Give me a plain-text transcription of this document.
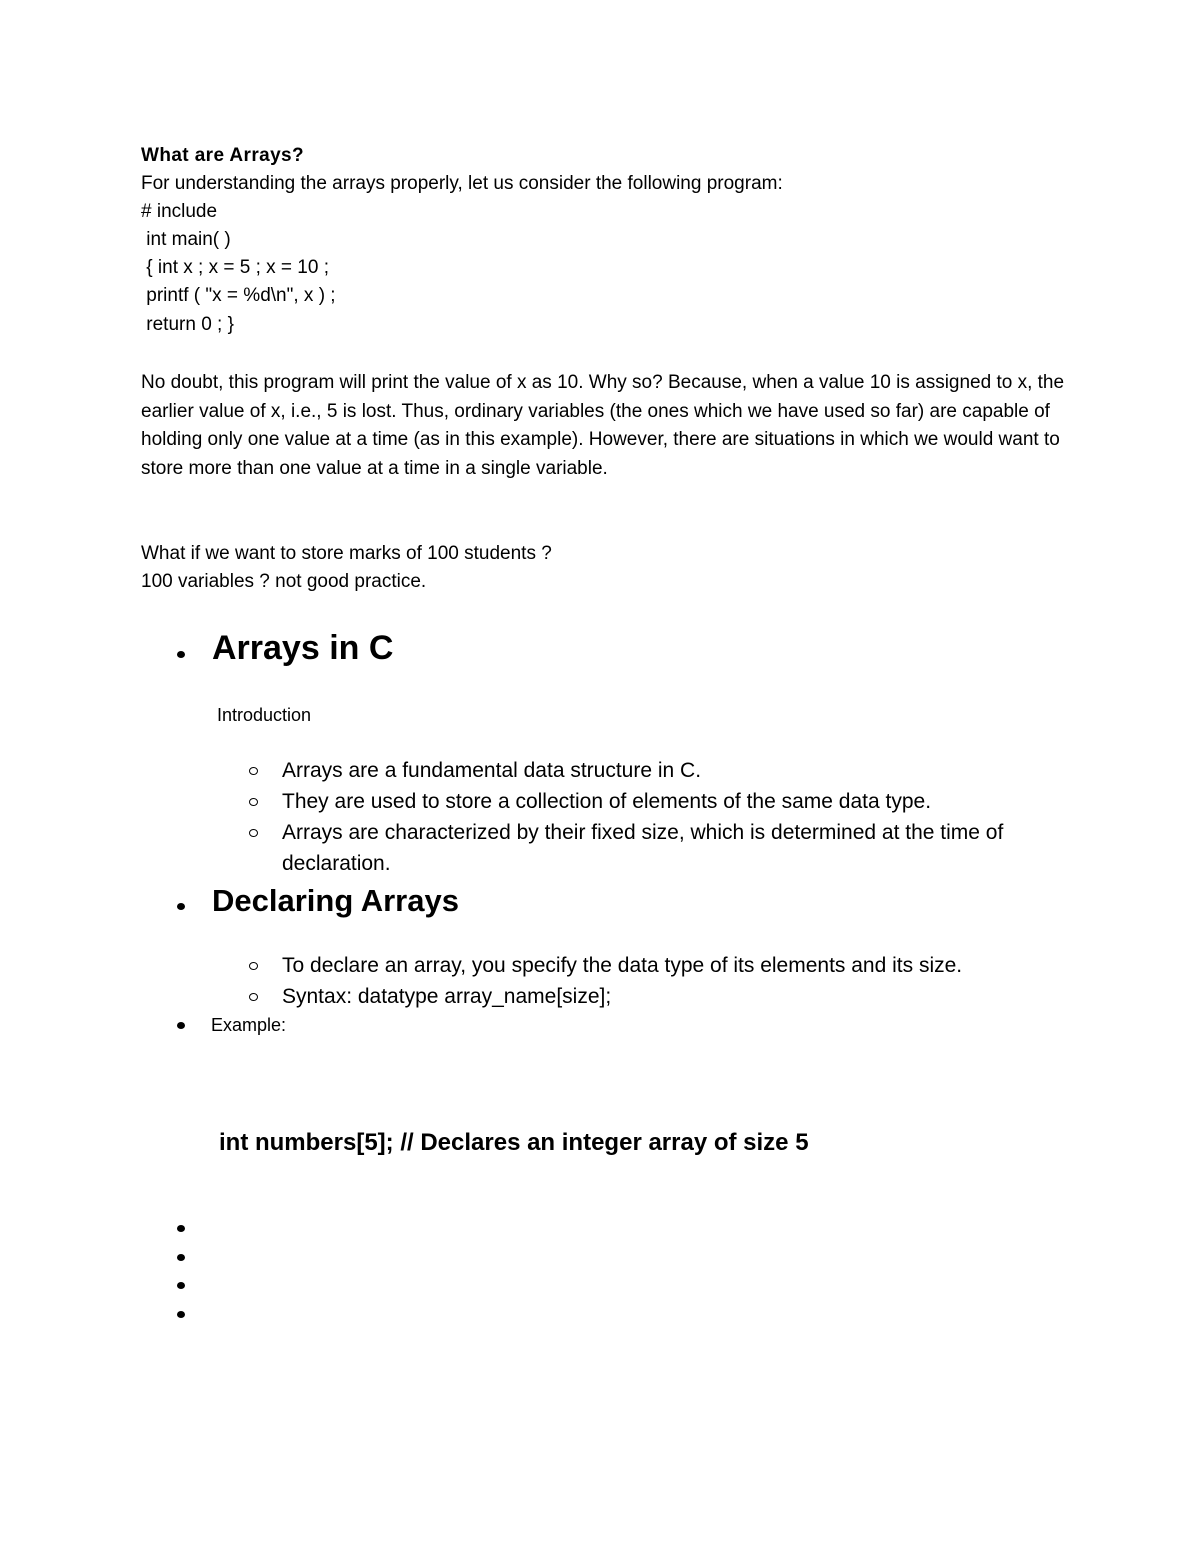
What are Arrays?
For understanding the arrays properly, let us consider the following program:
# include
int main( )
{ int x ; x = 5 ; x = 10 ;
printf ( "x = %d\n", x ) ;
return 0 ; }
No doubt, this program will print the value of x as 10. Why so? Because, when a value 10 is assigned to x, the earlier value of x, i.e., 5 is lost. Thus, ordinary variables (the ones which we have used so far) are capable of holding only one value at a time (as in this example). However, there are situations in which we would want to store more than one value at a time in a single variable.
What if we want to store marks of 100 students ?
100 variables ? not good practice.
Arrays in C
Introduction
Arrays are a fundamental data structure in C.
They are used to store a collection of elements of the same data type.
Arrays are characterized by their fixed size, which is determined at the time of declaration.
Declaring Arrays
To declare an array, you specify the data type of its elements and its size.
Syntax: datatype array_name[size];
Example:
int numbers[5]; // Declares an integer array of size 5
